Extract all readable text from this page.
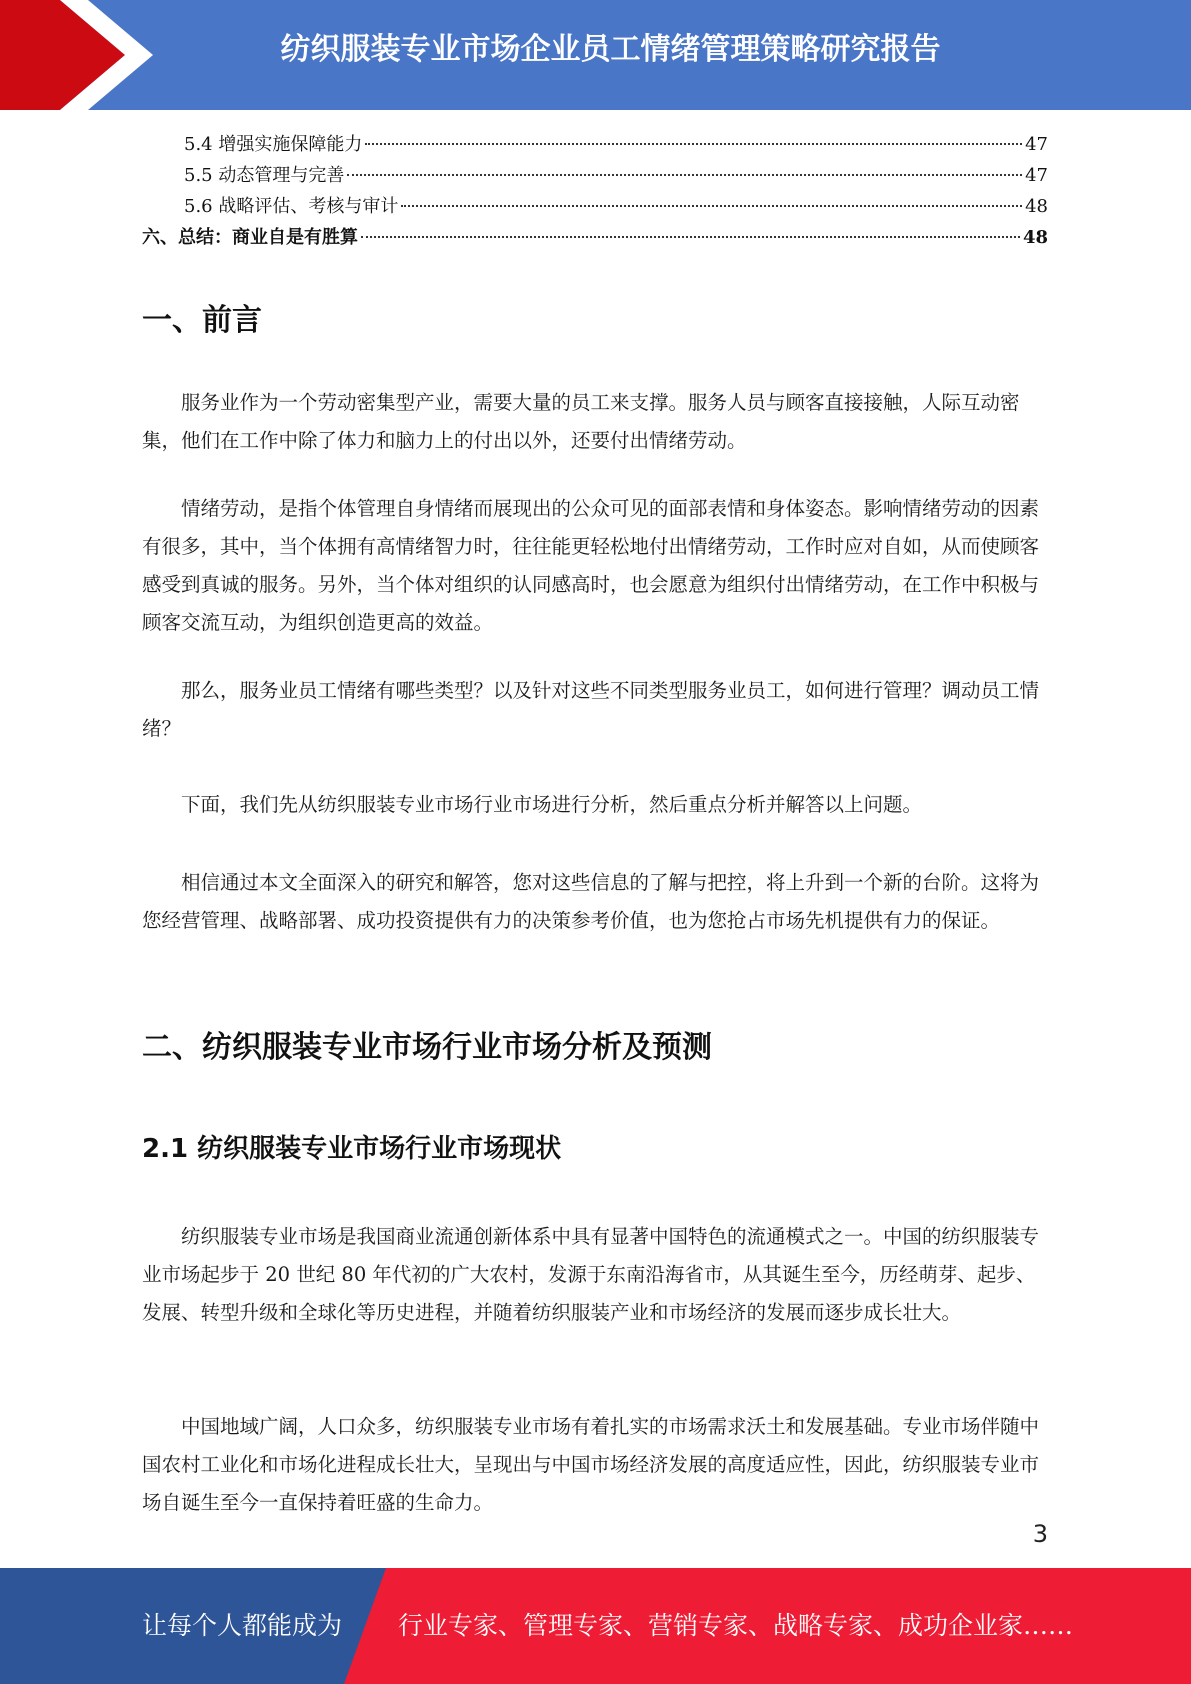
纺织服装专业市场企业员工情绪管理策略研究报告
5.4 增强实施保障能力	47
5.5 动态管理与完善	47
5.6 战略评估、考核与审计	48
六、总结：商业自是有胜算	48
一、前言
服务业作为一个劳动密集型产业，需要大量的员工来支撑。服务人员与顾客直接接触，人际互动密集，他们在工作中除了体力和脑力上的付出以外，还要付出情绪劳动。
情绪劳动，是指个体管理自身情绪而展现出的公众可见的面部表情和身体姿态。影响情绪劳动的因素有很多，其中，当个体拥有高情绪智力时，往往能更轻松地付出情绪劳动，工作时应对自如，从而使顾客感受到真诚的服务。另外，当个体对组织的认同感高时，也会愿意为组织付出情绪劳动，在工作中积极与顾客交流互动，为组织创造更高的效益。
那么，服务业员工情绪有哪些类型？以及针对这些不同类型服务业员工，如何进行管理？调动员工情绪？
下面，我们先从纺织服装专业市场行业市场进行分析，然后重点分析并解答以上问题。
相信通过本文全面深入的研究和解答，您对这些信息的了解与把控，将上升到一个新的台阶。这将为您经营管理、战略部署、成功投资提供有力的决策参考价值，也为您抢占市场先机提供有力的保证。
二、纺织服装专业市场行业市场分析及预测
2.1 纺织服装专业市场行业市场现状
纺织服装专业市场是我国商业流通创新体系中具有显著中国特色的流通模式之一。中国的纺织服装专业市场起步于 20 世纪 80 年代初的广大农村，发源于东南沿海省市，从其诞生至今，历经萌芽、起步、发展、转型升级和全球化等历史进程，并随着纺织服装产业和市场经济的发展而逐步成长壮大。
中国地域广阔，人口众多，纺织服装专业市场有着扎实的市场需求沃土和发展基础。专业市场伴随中国农村工业化和市场化进程成长壮大，呈现出与中国市场经济发展的高度适应性，因此，纺织服装专业市场自诞生至今一直保持着旺盛的生命力。
3
让每个人都能成为 行业专家、管理专家、营销专家、战略专家、成功企业家……
